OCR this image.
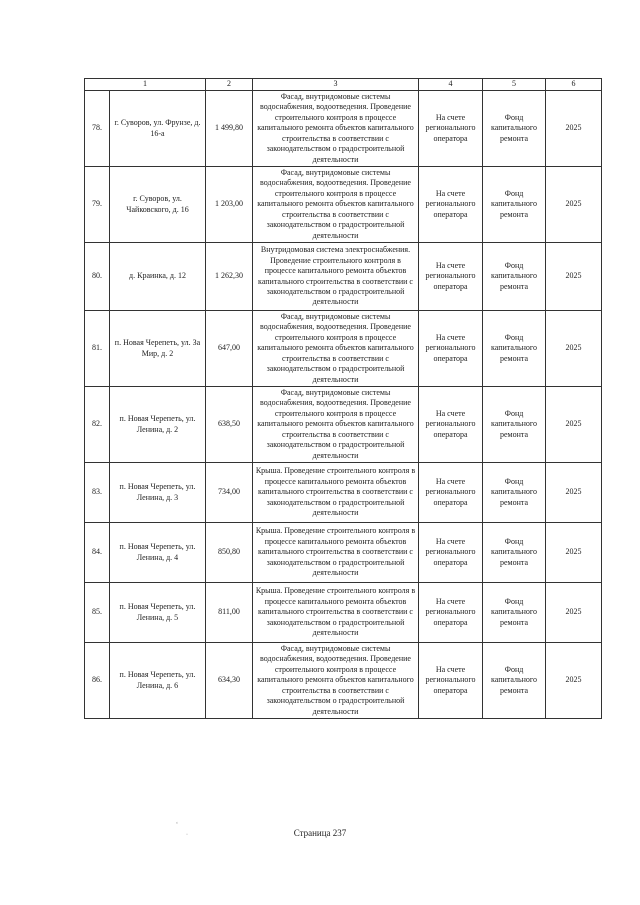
1		2	3	4	5	6
78.	г. Суворов, ул. Фрунзе, д. 16-а	1 499,80	Фасад, внутридомовые системы водоснабжения, водоотведения. Проведение строительного контроля в процессе капитального ремонта объектов капитального строительства в соответствии с законодательством о градостроительной деятельности	На счете регионального оператора	Фонд капитального ремонта	2025
79.	г. Суворов, ул. Чайковского, д. 16	1 203,00	Фасад, внутридомовые системы водоснабжения, водоотведения. Проведение строительного контроля в процессе капитального ремонта объектов капитального строительства в соответствии с законодательством о градостроительной деятельности	На счете регионального оператора	Фонд капитального ремонта	2025
80.	д. Краинка, д. 12	1 262,30	Внутридомовая система электроснабжения. Проведение строительного контроля в процессе капитального ремонта объектов капитального строительства в соответствии с законодательством о градостроительной деятельности	На счете регионального оператора	Фонд капитального ремонта	2025
81.	п. Новая Черепеть, ул. За Мир, д. 2	647,00	Фасад, внутридомовые системы водоснабжения, водоотведения. Проведение строительного контроля в процессе капитального ремонта объектов капитального строительства в соответствии с законодательством о градостроительной деятельности	На счете регионального оператора	Фонд капитального ремонта	2025
82.	п. Новая Черепеть, ул. Ленина, д. 2	638,50	Фасад, внутридомовые системы водоснабжения, водоотведения. Проведение строительного контроля в процессе капитального ремонта объектов капитального строительства в соответствии с законодательством о градостроительной деятельности	На счете регионального оператора	Фонд капитального ремонта	2025
83.	п. Новая Черепеть, ул. Ленина, д. 3	734,00	Крыша. Проведение строительного контроля в процессе капитального ремонта объектов капитального строительства в соответствии с законодательством о градостроительной деятельности	На счете регионального оператора	Фонд капитального ремонта	2025
84.	п. Новая Черепеть, ул. Ленина, д. 4	850,80	Крыша. Проведение строительного контроля в процессе капитального ремонта объектов капитального строительства в соответствии с законодательством о градостроительной деятельности	На счете регионального оператора	Фонд капитального ремонта	2025
85.	п. Новая Черепеть, ул. Ленина, д. 5	811,00	Крыша. Проведение строительного контроля в процессе капитального ремонта объектов капитального строительства в соответствии с законодательством о градостроительной деятельности	На счете регионального оператора	Фонд капитального ремонта	2025
86.	п. Новая Черепеть, ул. Ленина, д. 6	634,30	Фасад, внутридомовые системы водоснабжения, водоотведения. Проведение строительного контроля в процессе капитального ремонта объектов капитального строительства в соответствии с законодательством о градостроительной деятельности	На счете регионального оператора	Фонд капитального ремонта	2025
‘
·	Страница 237
